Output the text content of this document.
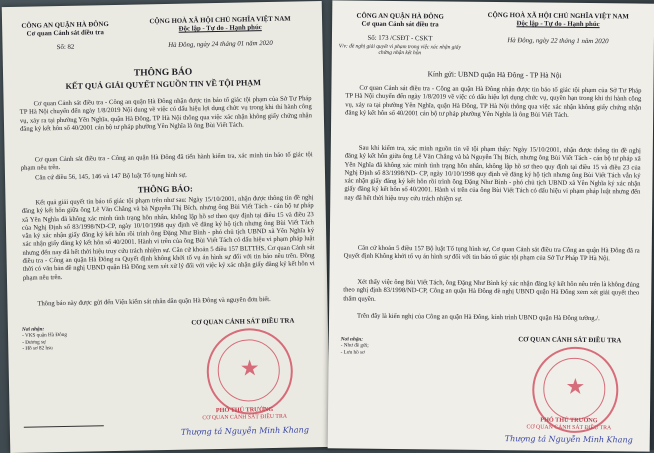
CÔNG AN QUẬN HÀ ĐÔNG
Cơ quan Cảnh sát điều tra
Số: 82
CỘNG HOÀ XÃ HỘI CHỦ NGHĨA VIỆT NAM
Độc lập - Tự do - Hạnh phúc
Hà Đông, ngày 24 tháng 01 năm 2020
THÔNG BÁO
KẾT QUẢ GIẢI QUYẾT NGUỒN TIN VỀ TỘI PHẠM
Cơ quan Cảnh sát điều tra - Công an quận Hà Đông nhận được tin báo tố giác tội phạm của Sở Tư Pháp TP Hà Nội chuyển đến ngày 1/8/2019 Nội dung về việc có dấu hiệu lợi dụng chức vụ trong khi thi hành công vụ, xảy ra tại phường Yên Nghĩa, quận Hà Đông, TP Hà Nội thông qua việc xác nhận không giấy chứng nhận đăng ký kết hôn số 40/2001 cán bộ tư pháp phường Yên Nghĩa là ông Bùi Viết Tách.
Cơ quan Cảnh sát điều tra - Công an quận Hà Đông đã tiến hành kiểm tra, xác minh tin báo tố giác tội phạm nêu trên.
Căn cứ điều 56, 145, 146 và 147 Bộ luật Tố tụng hình sự,
THÔNG BÁO:
Kết quả giải quyết tin báo tố giác tội phạm trên như sau: Ngày 15/10/2001, nhận được thông tin đề nghị đăng ký kết hôn giữa ông Lê Văn Chắng và bà Nguyễn Thị Bích, nhưng ông Bùi Viết Tách - cán bộ tư pháp xã Yên Nghĩa đã không xác minh tình trạng hôn nhân, không lập hồ sơ theo quy định tại điều 15 và điều 23 của Nghị Định số 83/1998/ND-CP, ngày 10/10/1998 quy định về đăng ký hộ tịch nhưng ông Bùi Viết Tách vẫn ký xác nhận giấy đăng ký kết hôn rồi trình ông Đặng Như Bình - phó chủ tịch UBND xã Yên Nghĩa ký xác nhận giấy đăng ký kết hôn số 40/2001. Hành vi trên của ông Bùi Viết Tách có dấu hiệu vi phạm pháp luật nhưng đến nay đã hết thời hiệu truy cứu trách nhiệm sự. Căn cứ khoản 5 điều 157 BLTTHS, Cơ quan Cảnh sát điều tra - Công an quận Hà Đông ra Quyết định không khởi tố vụ án hình sự đối với tin báo nêu trên. Đồng thời có văn bản đề nghị UBND quận Hà Đông xem xét xử lý đối với việc ký xác nhận giấy đăng ký kết hôn vi phạm nêu trên.
Thông báo này được gửi đến Viện kiểm sát nhân dân quận Hà Đông và nguyên đơn biết.
Nơi nhận:
- VKS quận Hà Đông
- Đương sự
- Hồ sơ 82 hsu
CƠ QUAN CẢNH SÁT ĐIỀU TRA
★
PHÓ THỦ TRƯỞNG
CƠ QUAN CẢNH SÁT ĐIỀU TRA
Thượng tá Nguyễn Minh Khang
CÔNG AN QUẬN HÀ ĐÔNG
Cơ quan Cảnh sát điều tra
Số: 173 /CSĐT - CSKT
V/v: đề nghị giải quyết vi phạm trong việc xác nhận giấy chứng nhận kết hôn
CỘNG HOÀ XÃ HỘI CHỦ NGHĨA VIỆT NAM
Độc lập - Tự do - Hạnh phúc
Hà Đông, ngày 22 tháng 1 năm 2020
Kính gửi: UBND quận Hà Đông - TP Hà Nội
Cơ quan Cảnh sát điều tra - Công an quận Hà Đông nhận được tin báo tố giác tội phạm của Sở Tư Pháp TP Hà Nội chuyển đến ngày 1/8/2019 về việc có dấu hiệu lợi dụng chức vụ, quyền hạn trong khi thi hành công vụ, xảy ra tại phường Yên Nghĩa, quận Hà Đông, TP Hà Nội thông qua việc xác nhận không giấy chứng nhận đăng ký kết hôn số 40/2001 cán bộ tư pháp phường Yên Nghĩa là ông Bùi Viết Tách.
Sau khi kiểm tra, xác minh nguồn tin về tội phạm thấy: Ngày 15/10/2001, nhận được thông tin đề nghị đăng ký kết hôn giữa ông Lê Văn Chắng và bà Nguyễn Thị Bích, nhưng ông Bùi Viết Tách - cán bộ tư pháp xã Yên Nghĩa đã không xác minh tình trạng hôn nhân, không lập hồ sơ theo quy định tại điều 15 và điều 23 của Nghị Định số 83/1998/ND- CP, ngày 10/10/1998 quy định về đăng ký hộ tịch nhưng ông Bùi Viết Tách vẫn ký xác nhận giấy đăng ký kết hôn rồi trình ông Đặng Như Bình - phó chủ tịch UBND xã Yên Nghĩa ký xác nhận giấy đăng ký kết hôn số 40/2001. Hành vi trên của ông Bùi Viết Tách có dấu hiệu vi phạm pháp luật nhưng đến nay đã hết thời hiệu truy cứu trách nhiệm sự.
Căn cứ khoản 5 điều 157 Bộ luật Tố tụng hình sự, Cơ quan Cảnh sát điều tra Công an quận Hà Đông đã ra Quyết định Không khởi tố vụ án hình sự đối với tin báo tố giác tội phạm của Sở Tư Pháp TP Hà Nội.
Xét thấy việc ông Bùi Viết Tách, ông Đặng Như Bình ký xác nhận đăng ký kết hôn nêu trên là không đúng theo nghị định 83/1998/ND-CP, Công an quận Hà Đông đề nghị UBND quận Hà Đông xem xét giải quyết theo thẩm quyền.
Trên đây là kiến nghị của Công an quận Hà Đông, kính trình UBND quận Hà Đông tường./.
Nơi nhận:
- Như đề gửi;
- Lưu hồ sơ
CƠ QUAN CẢNH SÁT ĐIỀU TRA
★
PHÓ THỦ TRƯỞNG
CƠ QUAN CẢNH SÁT ĐIỀU TRA
Thượng tá Nguyễn Minh Khang
